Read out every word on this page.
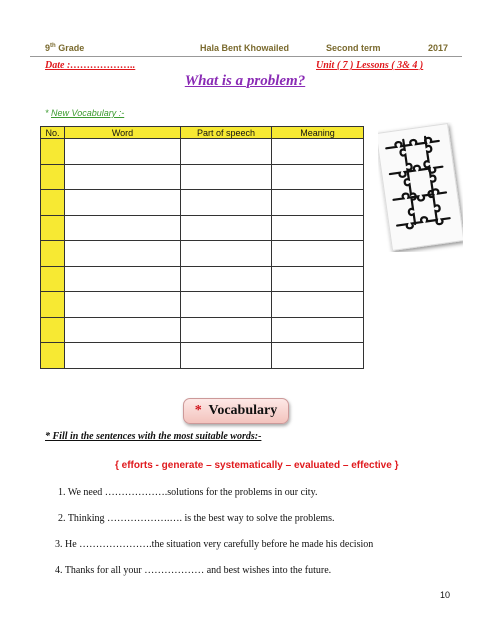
9th Grade	Hala Bent Khowailed	Second term	2017
Date :………………..	Unit ( 7 ) Lessons ( 3& 4 )
What is a problem?
* New Vocabulary :-
No.	Word	Part of speech	Meaning

* Vocabulary
* Fill in the sentences with the most suitable words:-
{ efforts - generate – systematically – evaluated – effective }
1. We need ……………….solutions for the problems in our city.
2. Thinking ……………….…. is the best way to solve the problems.
3. He ………………….the situation very carefully before he made his decision
4. Thanks for all your ……………… and best wishes into the future.
10
